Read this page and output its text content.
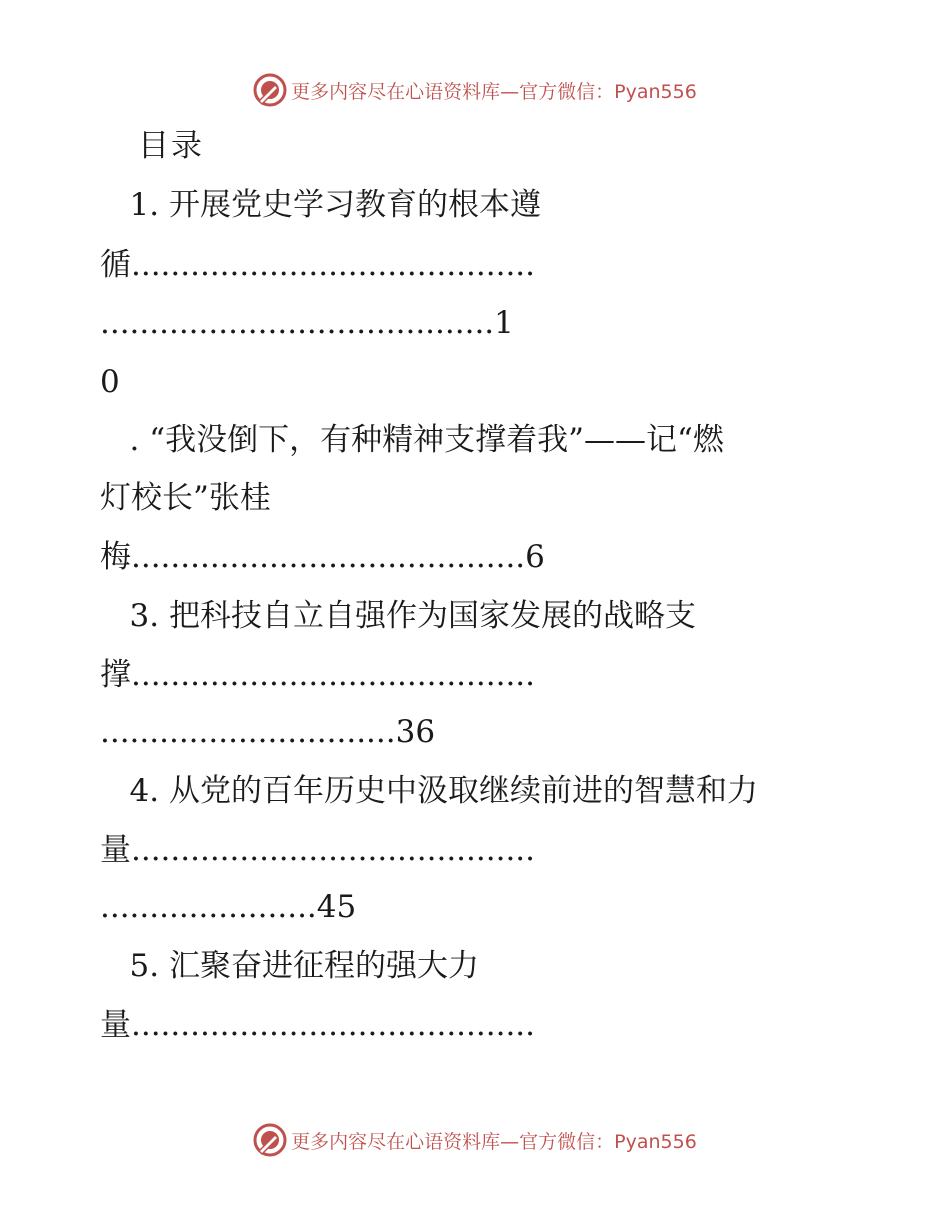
更多内容尽在心语资料库—官方微信：Pyan556
目录
1. 开展党史学习教育的根本遵
循.........................................
........................................1
0
. “我没倒下，有种精神支撑着我”——记“燃
灯校长”张桂
梅........................................6
3. 把科技自立自强作为国家发展的战略支
撑.........................................
..............................36
4. 从党的百年历史中汲取继续前进的智慧和力
量.........................................
......................45
5. 汇聚奋进征程的强大力
量.........................................
更多内容尽在心语资料库—官方微信：Pyan556
